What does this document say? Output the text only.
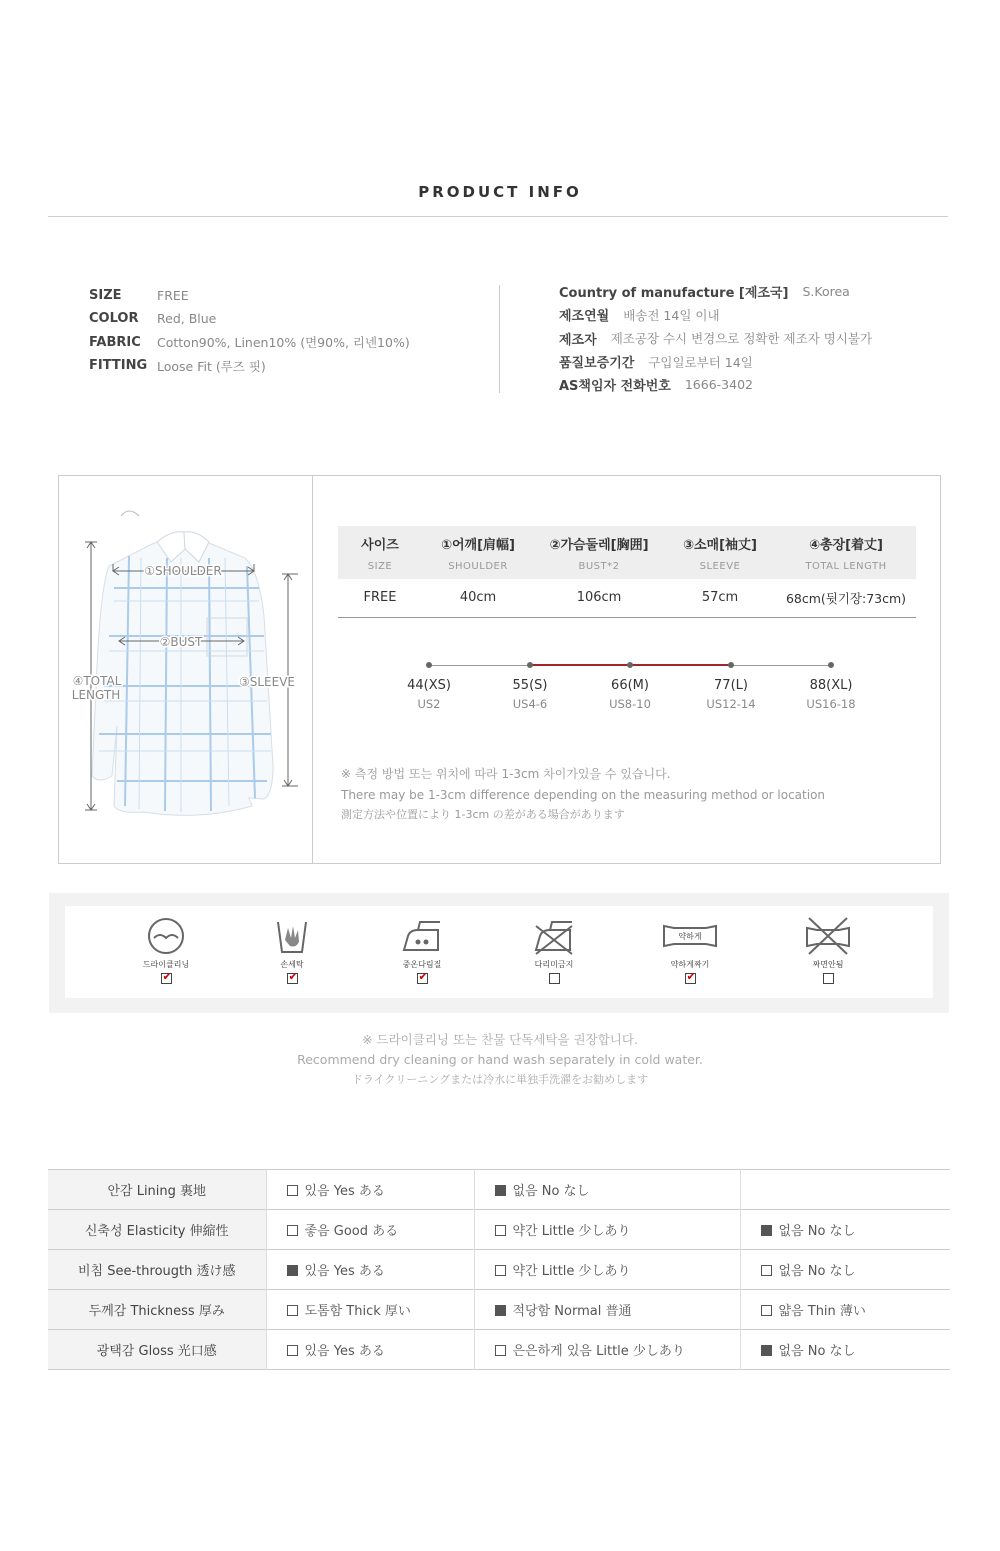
PRODUCT INFO
SIZE	FREE
COLOR	Red, Blue
FABRIC	Cotton90%, Linen10% (면90%, 리넨10%)
FITTING Loose Fit (루즈 핏)
Country of manufacture [제조국] S.Korea
제조연월 배송전 14일 이내
제조자 제조공장 수시 변경으로 정확한 제조자 명시불가
품질보증기간 구입일로부터 14일
AS책임자 전화번호 1666-3402
①SHOULDER
②BUST
③SLEEVE
④TOTAL
LENGTH
사이즈	①어깨[肩幅]	②가슴둘레[胸囲]	③소매[袖丈]	④총장[着丈]
SIZE	SHOULDER	BUST*2	SLEEVE	TOTAL LENGTH
FREE	40cm	106cm	57cm	68cm(뒷기장:73cm)
44(XS)
US2
55(S)
US4-6
66(M)
US8-10
77(L)
US12-14
88(XL)
US16-18
※ 측정 방법 또는 위치에 따라 1-3cm 차이가있을 수 있습니다.
There may be 1-3cm difference depending on the measuring method or location
測定方法や位置により 1-3cm の差がある場合があります
드라이클리닝
✔
손세탁
✔
중온다림질
✔
다리미금지
약하게
약하게짜기
✔
짜면안됨
※ 드라이클리닝 또는 찬물 단독세탁을 권장합니다.
Recommend dry cleaning or hand wash separately in cold water.
ドライクリーニングまたは冷水に単独手洗濯をお勧めします
안감 Lining 裏地	있음 Yes ある	없음 No なし	
신축성 Elasticity 伸縮性	좋음 Good ある	약간 Little 少しあり	없음 No なし
비침 See-througth 透け感	있음 Yes ある	약간 Little 少しあり	없음 No なし
두께감 Thickness 厚み	도톰함 Thick 厚い	적당함 Normal 普通	얇음 Thin 薄い
광택감 Gloss 光口感	있음 Yes ある	은은하게 있음 Little 少しあり	없음 No なし
